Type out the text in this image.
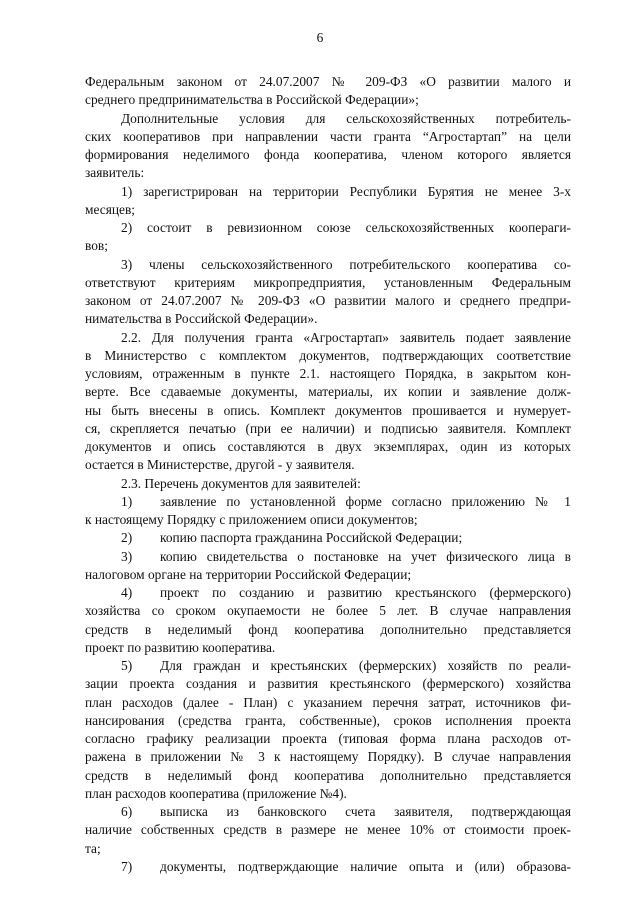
6
Федеральным законом от 24.07.2007 № 209-ФЗ «О развитии малого и
среднего предпринимательства в Российской Федерации»;
Дополнительные условия для сельскохозяйственных потребитель-
ских кооперативов при направлении части гранта “Агростартап” на цели
формирования неделимого фонда кооператива, членом которого является
заявитель:
1) зарегистрирован на территории Республики Бурятия не менее 3-х
месяцев;
2) состоит в ревизионном союзе сельскохозяйственных коопераги-
вов;
3) члены сельскохозяйственного потребительского кооператива со-
ответствуют критериям микропредприятия, установленным Федеральным
законом от 24.07.2007 № 209-ФЗ «О развитии малого и среднего предпри-
нимательства в Российской Федерации».
2.2. Для получения гранта «Агростартап» заявитель подает заявление
в Министерство с комплектом документов, подтверждающих соответствие
условиям, отраженным в пункте 2.1. настоящего Порядка, в закрытом кон-
верте. Все сдаваемые документы, материалы, их копии и заявление долж-
ны быть внесены в опись. Комплект документов прошивается и нумерует-
ся, скрепляется печатью (при ее наличии) и подписью заявителя. Комплект
документов и опись составляются в двух экземплярах, один из которых
остается в Министерстве, другой - у заявителя.
2.3. Перечень документов для заявителей:
1) заявление по установленной форме согласно приложению № 1
к настоящему Порядку с приложением описи документов;
2) копию паспорта гражданина Российской Федерации;
3) копию свидетельства о постановке на учет физического лица в
налоговом органе на территории Российской Федерации;
4) проект по созданию и развитию крестьянского (фермерского)
хозяйства со сроком окупаемости не более 5 лет. В случае направления
средств в неделимый фонд кооператива дополнительно представляется
проект по развитию кооператива.
5) Для граждан и крестьянских (фермерских) хозяйств по реали-
зации проекта создания и развития крестьянского (фермерского) хозяйства
план расходов (далее - План) с указанием перечня затрат, источников фи-
нансирования (средства гранта, собственные), сроков исполнения проекта
согласно графику реализации проекта (типовая форма плана расходов от-
ражена в приложении № 3 к настоящему Порядку). В случае направления
средств в неделимый фонд кооператива дополнительно представляется
план расходов кооператива (приложение №4).
6) выписка из банковского счета заявителя, подтверждающая
наличие собственных средств в размере не менее 10% от стоимости проек-
та;
7) документы, подтверждающие наличие опыта и (или) образова-
